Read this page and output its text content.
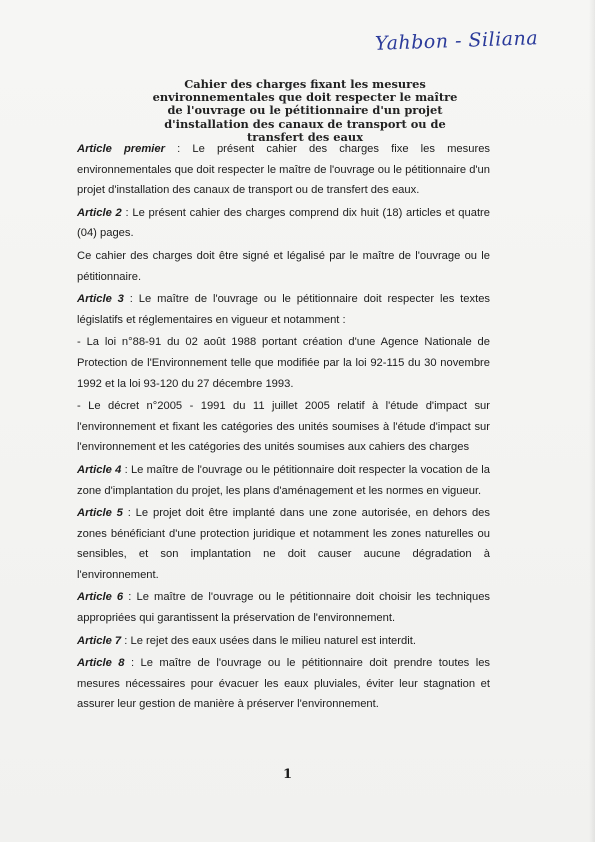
Yahbon - Siliana
Cahier des charges fixant les mesures
environnementales que doit respecter le maître
de l'ouvrage ou le pétitionnaire d'un projet
d'installation des canaux de transport ou de
transfert des eaux

Article premier : Le présent cahier des charges fixe les mesures environnementales que doit respecter le maître de l'ouvrage ou le pétitionnaire d'un projet d'installation des canaux de transport ou de transfert des eaux.

Article 2 : Le présent cahier des charges comprend dix huit (18) articles et quatre (04) pages.

Ce cahier des charges doit être signé et légalisé par le maître de l'ouvrage ou le pétitionnaire.

Article 3 : Le maître de l'ouvrage ou le pétitionnaire doit respecter les textes législatifs et réglementaires en vigueur et notamment :

- La loi n°88-91 du 02 août 1988 portant création d'une Agence Nationale de Protection de l'Environnement telle que modifiée par la loi 92-115 du 30 novembre 1992 et la loi 93-120 du 27 décembre 1993.

- Le décret n°2005 - 1991 du 11 juillet 2005 relatif à l'étude d'impact sur l'environnement et fixant les catégories des unités soumises à l'étude d'impact sur l'environnement et les catégories des unités soumises aux cahiers des charges

Article 4 : Le maître de l'ouvrage ou le pétitionnaire doit respecter la vocation de la zone d'implantation du projet, les plans d'aménagement et les normes en vigueur.

Article 5 : Le projet doit être implanté dans une zone autorisée, en dehors des zones bénéficiant d'une protection juridique et notamment les zones naturelles ou sensibles, et son implantation ne doit causer aucune dégradation à l'environnement.

Article 6 : Le maître de l'ouvrage ou le pétitionnaire doit choisir les techniques appropriées qui garantissent la préservation de l'environnement.

Article 7 : Le rejet des eaux usées dans le milieu naturel est interdit.

Article 8 : Le maître de l'ouvrage ou le pétitionnaire doit prendre toutes les mesures nécessaires pour évacuer les eaux pluviales, éviter leur stagnation et assurer leur gestion de manière à préserver l'environnement.

1
